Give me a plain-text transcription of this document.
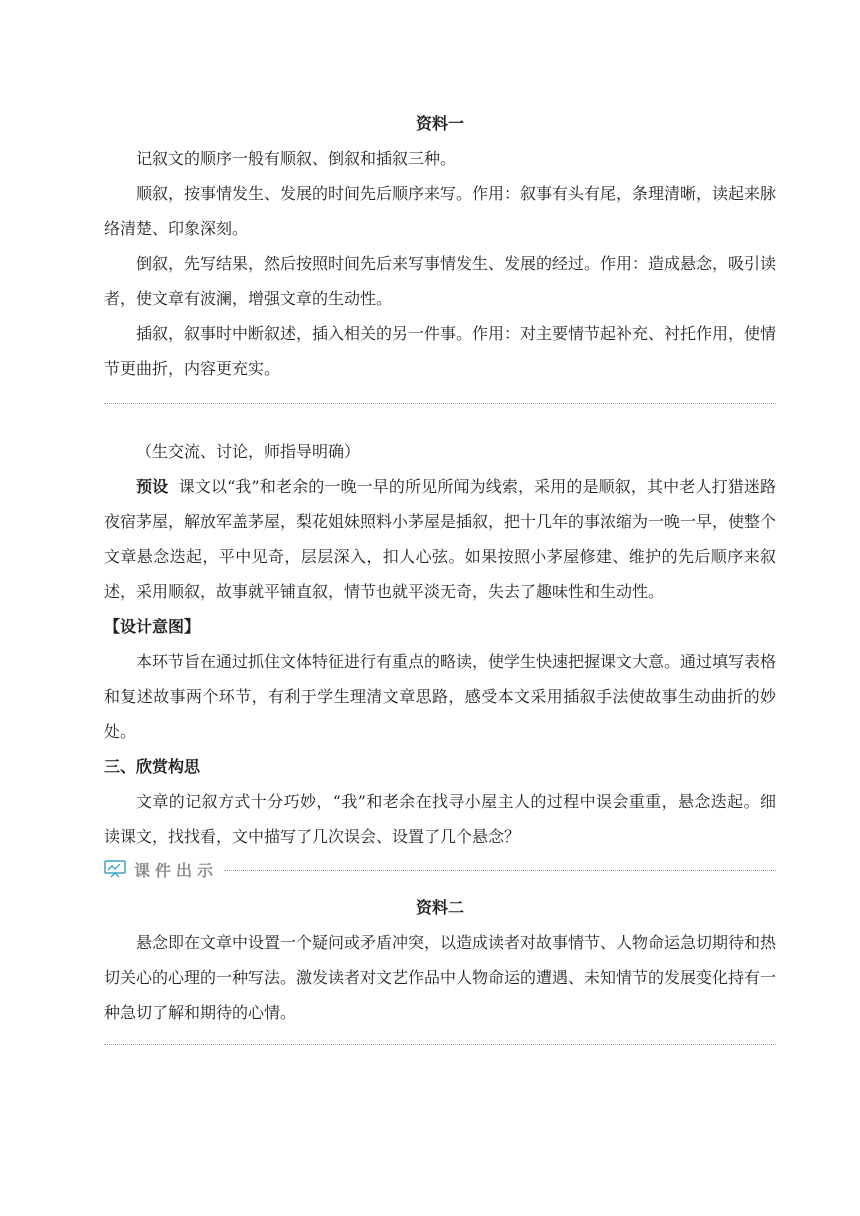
资料一

记叙文的顺序一般有顺叙、倒叙和插叙三种。

顺叙，按事情发生、发展的时间先后顺序来写。作用：叙事有头有尾，条理清晰，读起来脉络清楚、印象深刻。

倒叙，先写结果，然后按照时间先后来写事情发生、发展的经过。作用：造成悬念，吸引读者，使文章有波澜，增强文章的生动性。

插叙，叙事时中断叙述，插入相关的另一件事。作用：对主要情节起补充、衬托作用，使情节更曲折，内容更充实。

（生交流、讨论，师指导明确）

预设 课文以“我”和老余的一晚一早的所见所闻为线索，采用的是顺叙，其中老人打猎迷路夜宿茅屋，解放军盖茅屋，梨花姐妹照料小茅屋是插叙，把十几年的事浓缩为一晚一早，使整个文章悬念迭起，平中见奇，层层深入，扣人心弦。如果按照小茅屋修建、维护的先后顺序来叙述，采用顺叙，故事就平铺直叙，情节也就平淡无奇，失去了趣味性和生动性。

【设计意图】

本环节旨在通过抓住文体特征进行有重点的略读，使学生快速把握课文大意。通过填写表格和复述故事两个环节，有利于学生理清文章思路，感受本文采用插叙手法使故事生动曲折的妙处。

三、欣赏构思

文章的记叙方式十分巧妙，“我”和老余在找寻小屋主人的过程中误会重重，悬念迭起。细读课文，找找看，文中描写了几次误会、设置了几个悬念？

课件出示

资料二

悬念即在文章中设置一个疑问或矛盾冲突，以造成读者对故事情节、人物命运急切期待和热切关心的心理的一种写法。激发读者对文艺作品中人物命运的遭遇、未知情节的发展变化持有一种急切了解和期待的心情。
